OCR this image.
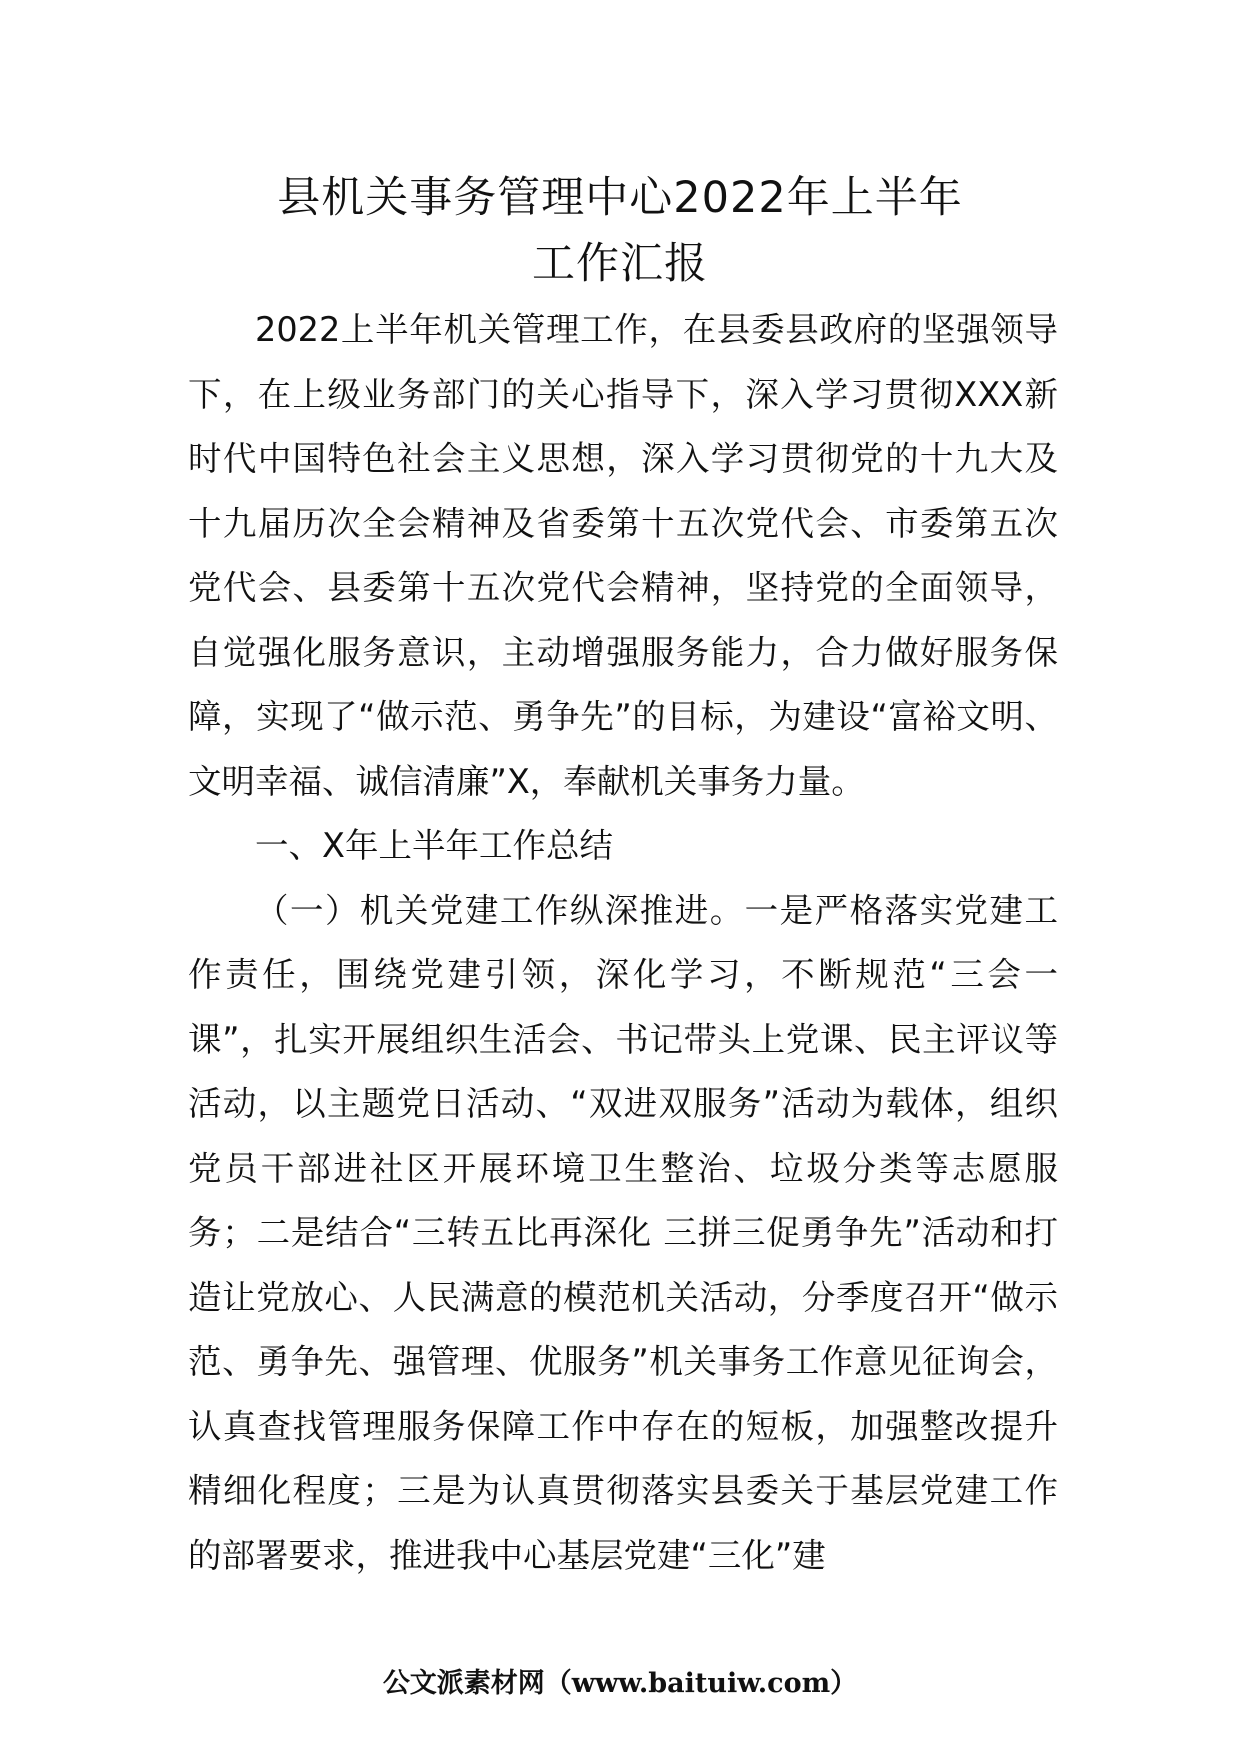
县机关事务管理中心2022年上半年
工作汇报

2022上半年机关管理工作，在县委县政府的坚强领导下，在上级业务部门的关心指导下，深入学习贯彻XXX新时代中国特色社会主义思想，深入学习贯彻党的十九大及十九届历次全会精神及省委第十五次党代会、市委第五次党代会、县委第十五次党代会精神，坚持党的全面领导，自觉强化服务意识，主动增强服务能力，合力做好服务保障，实现了“做示范、勇争先”的目标，为建设“富裕文明、文明幸福、诚信清廉”X，奉献机关事务力量。

一、X年上半年工作总结

（一）机关党建工作纵深推进。一是严格落实党建工作责任，围绕党建引领，深化学习，不断规范“三会一课”，扎实开展组织生活会、书记带头上党课、民主评议等活动，以主题党日活动、“双进双服务”活动为载体，组织党员干部进社区开展环境卫生整治、垃圾分类等志愿服务；二是结合“三转五比再深化 三拼三促勇争先”活动和打造让党放心、人民满意的模范机关活动，分季度召开“做示范、勇争先、强管理、优服务”机关事务工作意见征询会，认真查找管理服务保障工作中存在的短板，加强整改提升精细化程度；三是为认真贯彻落实县委关于基层党建工作的部署要求，推进我中心基层党建“三化”建

公文派素材网（www.baituiw.com）
